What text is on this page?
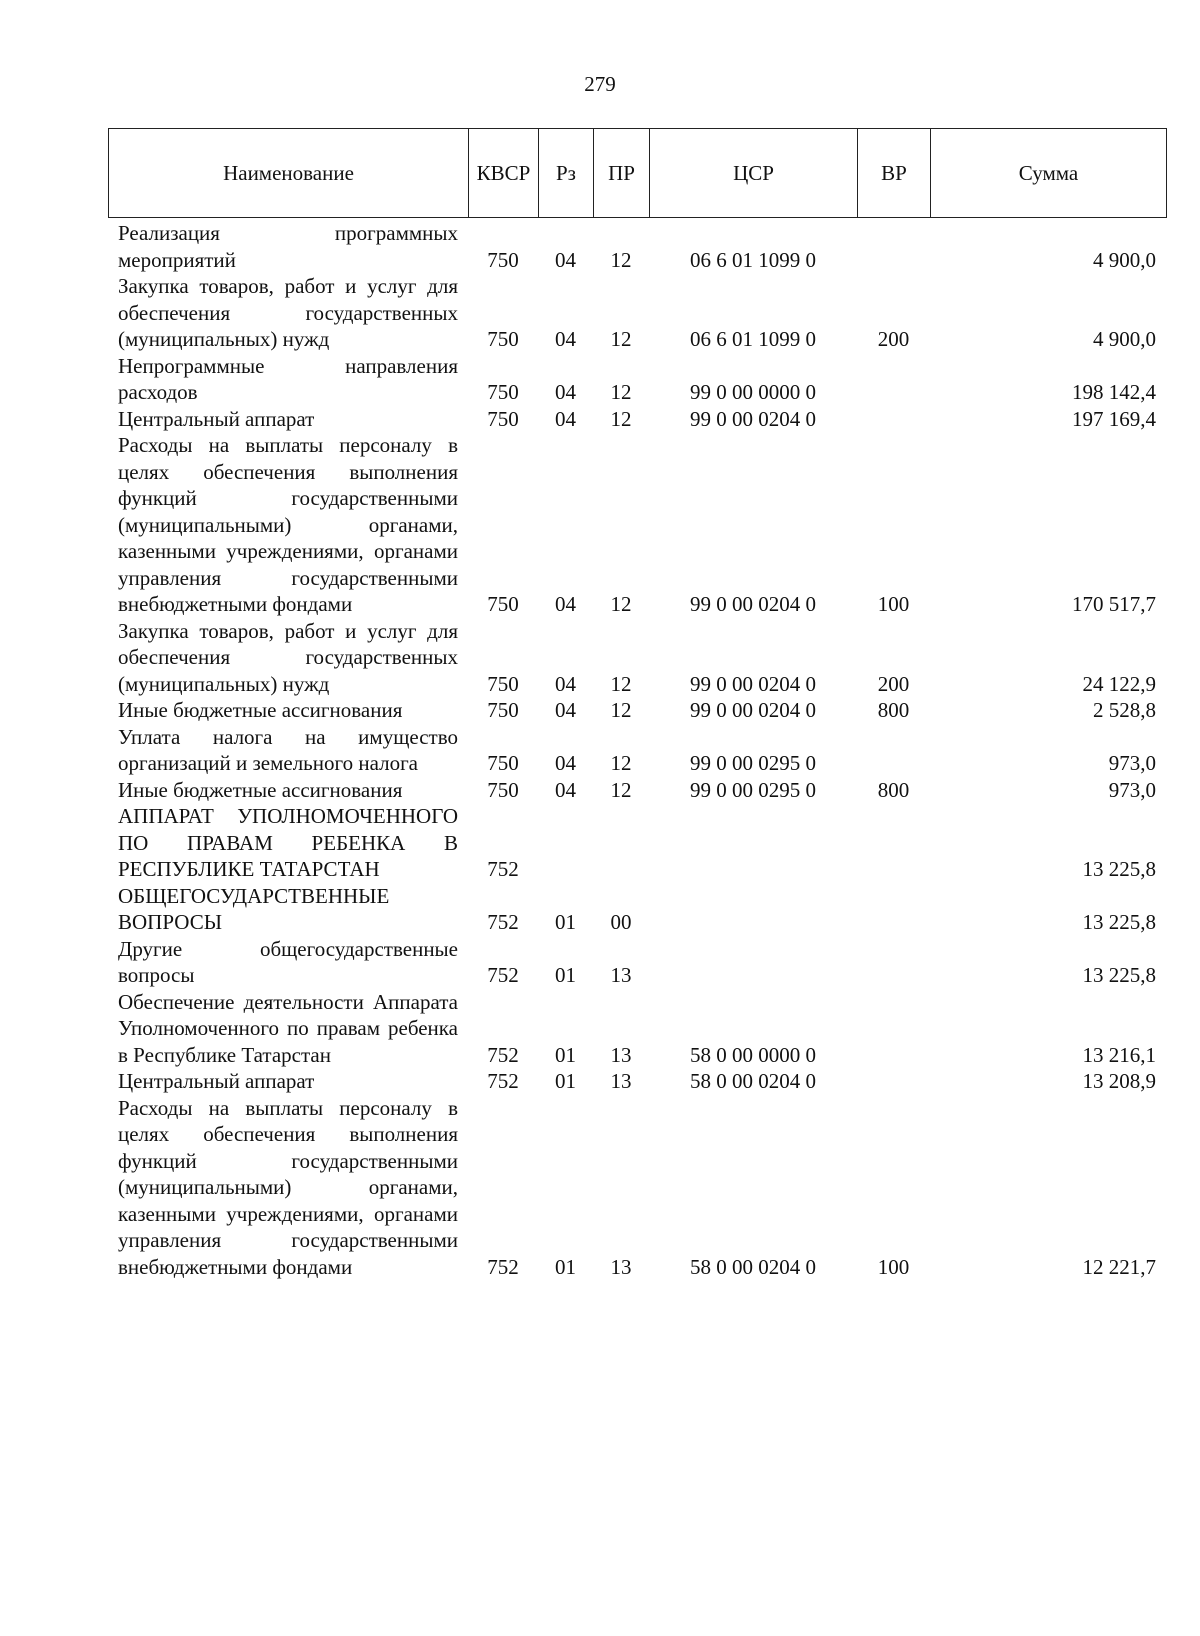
279
Наименование	КВСР	Рз	ПР	ЦСР	ВР	Сумма
Реализация программных мероприятий	750	04	12	06 6 01 1099 0		4 900,0
Закупка товаров, работ и услуг для обеспечения государственных (муниципальных) нужд	750	04	12	06 6 01 1099 0	200	4 900,0
Непрограммные направления расходов	750	04	12	99 0 00 0000 0		198 142,4
Центральный аппарат	750	04	12	99 0 00 0204 0		197 169,4
Расходы на выплаты персоналу в целях обеспечения выполнения функций государственными (муниципальными) органами, казенными учреждениями, органами управления государственными внебюджетными фондами	750	04	12	99 0 00 0204 0	100	170 517,7
Закупка товаров, работ и услуг для обеспечения государственных (муниципальных) нужд	750	04	12	99 0 00 0204 0	200	24 122,9
Иные бюджетные ассигнования	750	04	12	99 0 00 0204 0	800	2 528,8
Уплата налога на имущество организаций и земельного налога	750	04	12	99 0 00 0295 0		973,0
Иные бюджетные ассигнования	750	04	12	99 0 00 0295 0	800	973,0
АППАРАТ УПОЛНОМОЧЕННОГО ПО ПРАВАМ РЕБЕНКА В РЕСПУБЛИКЕ ТАТАРСТАН	752					13 225,8
ОБЩЕГОСУДАРСТВЕННЫЕ ВОПРОСЫ	752	01	00			13 225,8
Другие общегосударственные вопросы	752	01	13			13 225,8
Обеспечение деятельности Аппарата Уполномоченного по правам ребенка в Республике Татарстан	752	01	13	58 0 00 0000 0		13 216,1
Центральный аппарат	752	01	13	58 0 00 0204 0		13 208,9
Расходы на выплаты персоналу в целях обеспечения выполнения функций государственными (муниципальными) органами, казенными учреждениями, органами управления государственными внебюджетными фондами	752	01	13	58 0 00 0204 0	100	12 221,7
